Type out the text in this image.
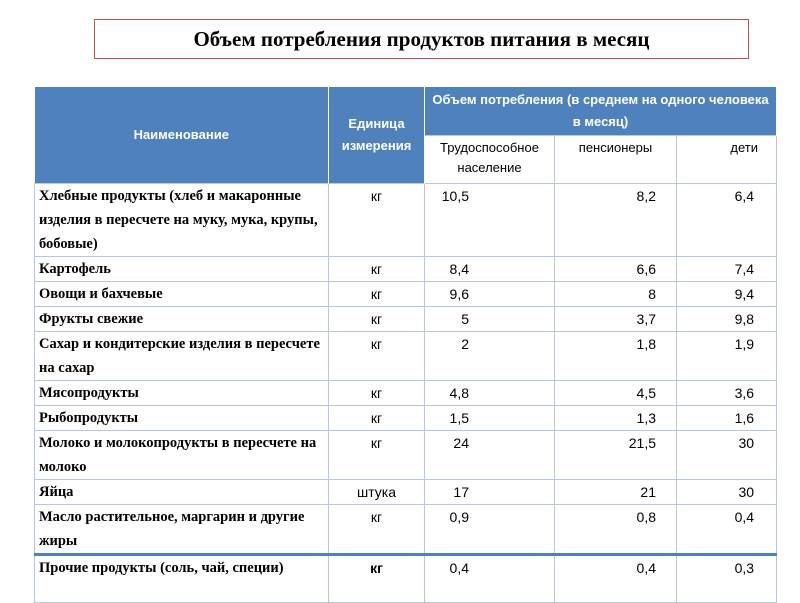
Объем потребления продуктов питания в месяц
Наименование	Единица измерения	Объем потребления (в среднем на одного человека в месяц)		
		Трудоспособное население	пенсионеры	дети
Хлебные продукты (хлеб и макаронные изделия в пересчете на муку, мука, крупы, бобовые)	кг	10,5	8,2	6,4
Картофель	кг	8,4	6,6	7,4
Овощи и бахчевые	кг	9,6	8	9,4
Фрукты свежие	кг	5	3,7	9,8
Сахар и кондитерские изделия в пересчете на сахар	кг	2	1,8	1,9
Мясопродукты	кг	4,8	4,5	3,6
Рыбопродукты	кг	1,5	1,3	1,6
Молоко и молокопродукты в пересчете на молоко	кг	24	21,5	30
Яйца	штука	17	21	30
Масло растительное, маргарин и другие жиры	кг	0,9	0,8	0,4
Прочие продукты (соль, чай, специи)	кг	0,4	0,4	0,3
